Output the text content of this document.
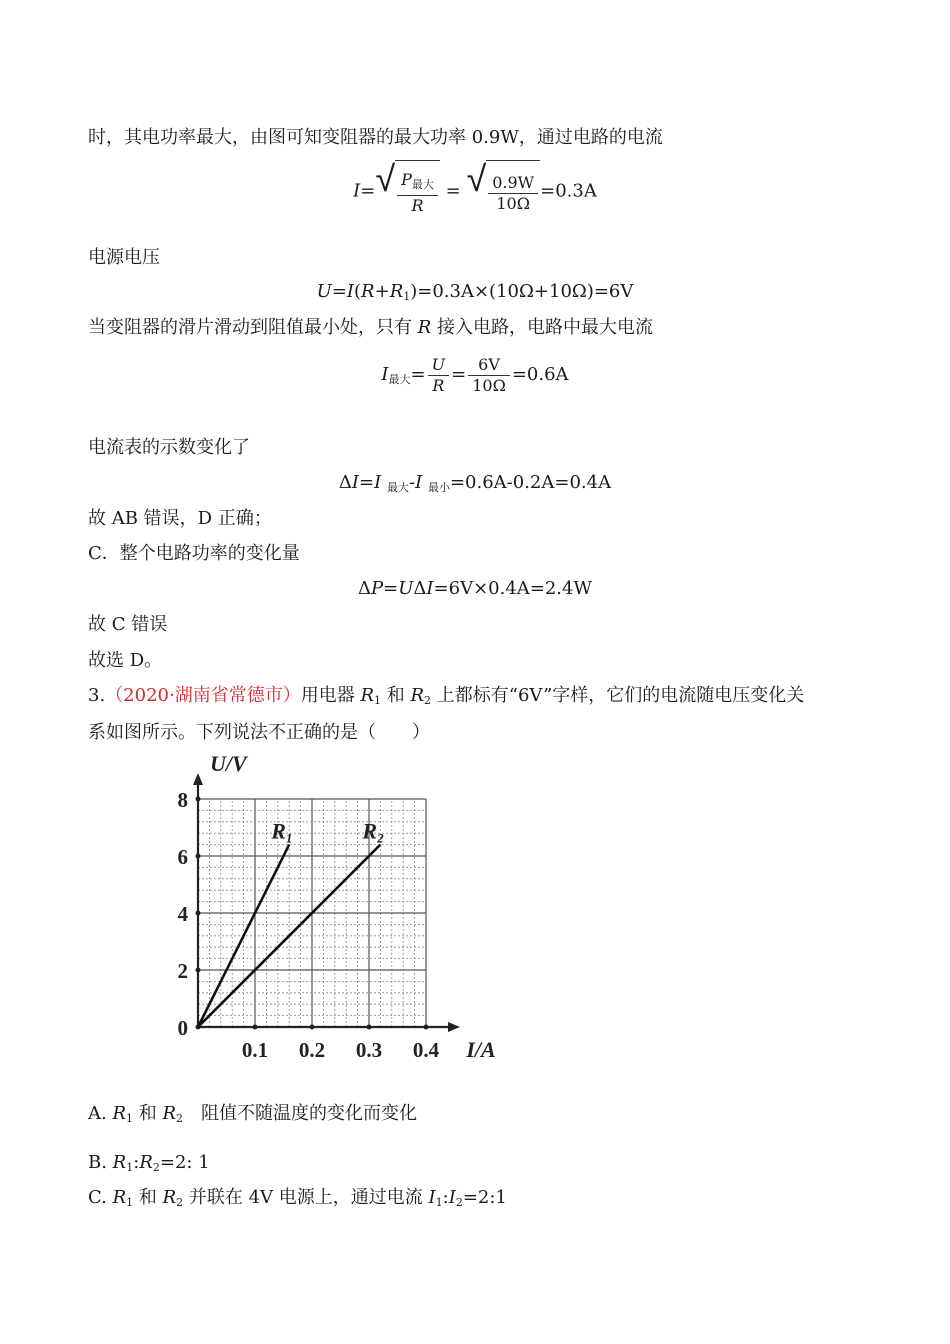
时，其电功率最大，由图可知变阻器的最大功率 0.9W，通过电路的电流
I= √ $\frac{P_{最大}}{R}$ = √ $\frac{0.9W}{10\Omega} =0.3A$
电源电压
$U=I(R+R_1)=0.3A\times(10\Omega+10\Omega)=6V$
当变阻器的滑片滑动到阻值最小处，只有 R 接入电路，电路中最大电流
$I_{最大}= \frac{U}{R} = \frac{6V}{10\Omega} =0.6A$
电流表的示数变化了
ΔI=I $_{最大}$-I $_{最小}$=0.6A-0.2A=0.4A
故 AB 错误，D 正确；
C．整个电路功率的变化量
ΔP=UΔI=6V×0.4A=2.4W
故 C 错误
故选 D。
3.（2020·湖南省常德市）用电器 $R_1$ 和 $R_2$ 上都标有“6V”字样，它们的电流随电压变化关
系如图所示。下列说法不正确的是（　　）
I/A
U/V
0.1 0.2 0.3 0.4
0
2
4
6
8
R1	R2
A. $R_1$ 和 $R_2$　阻值不随温度的变化而变化
B. $R_1:R_2=2$: 1
C. $R_1$ 和 $R_2$ 并联在 4V 电源上，通过电流 $I_1:I_2=2:1$
